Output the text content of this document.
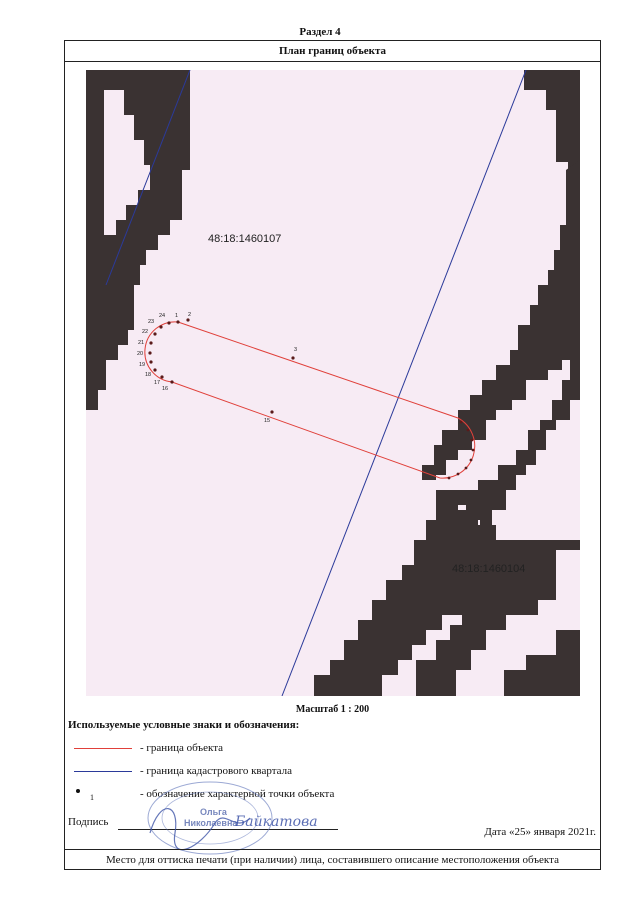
Раздел 4
План границ объекта
1 2
3
15
16
17
18
19
20
21
22
23
24
48:18:1460107
48:18:1460104
Масштаб 1 : 200
Используемые условные знаки и обозначения:
- граница объекта
- граница кадастрового квартала
1	- обозначение характерной точки объекта
Подпись
Ольга
Николаевна
Байкатова
Дата «25» января 2021г.
Место для оттиска печати (при наличии) лица, составившего описание местоположения объекта
